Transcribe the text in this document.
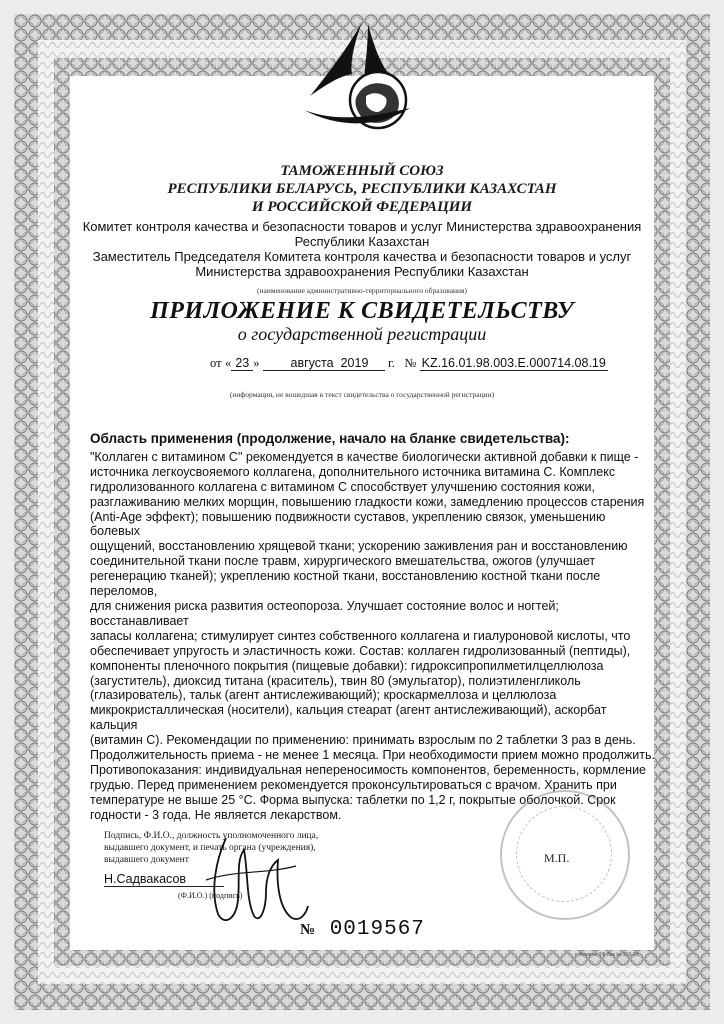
ТАМОЖЕННЫЙ СОЮЗ
РЕСПУБЛИКИ БЕЛАРУСЬ, РЕСПУБЛИКИ КАЗАХСТАН
И РОССИЙСКОЙ ФЕДЕРАЦИИ
Комитет контроля качества и безопасности товаров и услуг Министерства здравоохранения
Республики Казахстан
Заместитель Председателя Комитета контроля качества и безопасности товаров и услуг
Министерства здравоохранения Республики Казахстан
(наименование административно-территориального образования)
ПРИЛОЖЕНИЕ К СВИДЕТЕЛЬСТВУ
о государственной регистрации
от « 23 » августа 2019 г. № KZ.16.01.98.003.E.000714.08.19
(информация, не вошедшая в текст свидетельства о государственной регистрации)
Область применения (продолжение, начало на бланке свидетельства):
"Коллаген с витамином С" рекомендуется в качестве биологически активной добавки к пище -
источника легкоусвояемого коллагена, дополнительного источника витамина С. Комплекс
гидролизованного коллагена с витамином С способствует улучшению состояния кожи,
разглаживанию мелких морщин, повышению гладкости кожи, замедлению процессов старения
(Anti-Age эффект); повышению подвижности суставов, укреплению связок, уменьшению болевых
ощущений, восстановлению хрящевой ткани; ускорению заживления ран и восстановлению
соединительной ткани после травм, хирургического вмешательства, ожогов (улучшает
регенерацию тканей); укреплению костной ткани, восстановлению костной ткани после переломов,
для снижения риска развития остеопороза. Улучшает состояние волос и ногтей; восстанавливает
запасы коллагена; стимулирует синтез собственного коллагена и гиалуроновой кислоты, что
обеспечивает упругость и эластичность кожи. Состав: коллаген гидролизованный (пептиды),
компоненты пленочного покрытия (пищевые добавки): гидроксипропилметилцеллюлоза
(загуститель), диоксид титана (краситель), твин 80 (эмульгатор), полиэтиленгликоль
(глазирователь), тальк (агент антислеживающий); кроскармеллоза и целлюлоза
микрокристаллическая (носители), кальция стеарат (агент антислеживающий), аскорбат кальция
(витамин С). Рекомендации по применению: принимать взрослым по 2 таблетки 3 раз в день.
Продолжительность приема - не менее 1 месяца. При необходимости прием можно продолжить.
Противопоказания: индивидуальная непереносимость компонентов, беременность, кормление
грудью. Перед применением рекомендуется проконсультироваться с врачом. Хранить при
температуре не выше 25 °С. Форма выпуска: таблетки по 1,2 г, покрытые оболочкой. Срок
годности - 3 года. Не является лекарством.
Подпись, Ф.И.О., должность уполномоченного лица,
выдавшего документ, и печать органа (учреждения),
выдавшего документ
Н.Садвакасов
(Ф.И.О.) (подпись)
М.П.
№ 0019567
г. Алматы ЗФ Зак № 319-19
